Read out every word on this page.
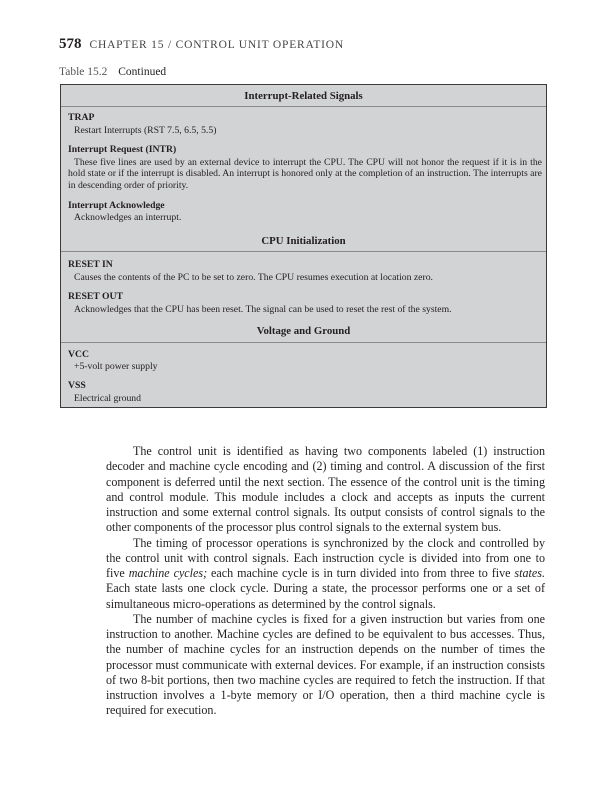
578 CHAPTER 15 / CONTROL UNIT OPERATION
Table 15.2 Continued
Interrupt-Related Signals
TRAP
Restart Interrupts (RST 7.5, 6.5, 5.5)
Interrupt Request (INTR)
These five lines are used by an external device to interrupt the CPU. The CPU will not honor the request if it is in the hold state or if the interrupt is disabled. An interrupt is honored only at the completion of an instruction. The interrupts are in descending order of priority.
Interrupt Acknowledge
Acknowledges an interrupt.
CPU Initialization
RESET IN
Causes the contents of the PC to be set to zero. The CPU resumes execution at location zero.
RESET OUT
Acknowledges that the CPU has been reset. The signal can be used to reset the rest of the system.
Voltage and Ground
VCC
+5-volt power supply
VSS
Electrical ground

The control unit is identified as having two components labeled (1) instruction decoder and machine cycle encoding and (2) timing and control. A discussion of the first component is deferred until the next section. The essence of the control unit is the timing and control module. This module includes a clock and accepts as inputs the current instruction and some external control signals. Its output consists of control signals to the other components of the processor plus control signals to the external system bus.

The timing of processor operations is synchronized by the clock and controlled by the control unit with control signals. Each instruction cycle is divided into from one to five machine cycles; each machine cycle is in turn divided into from three to five states. Each state lasts one clock cycle. During a state, the processor performs one or a set of simultaneous micro-operations as determined by the control signals.

The number of machine cycles is fixed for a given instruction but varies from one instruction to another. Machine cycles are defined to be equivalent to bus accesses. Thus, the number of machine cycles for an instruction depends on the number of times the processor must communicate with external devices. For example, if an instruction consists of two 8-bit portions, then two machine cycles are required to fetch the instruction. If that instruction involves a 1-byte memory or I/O operation, then a third machine cycle is required for execution.
